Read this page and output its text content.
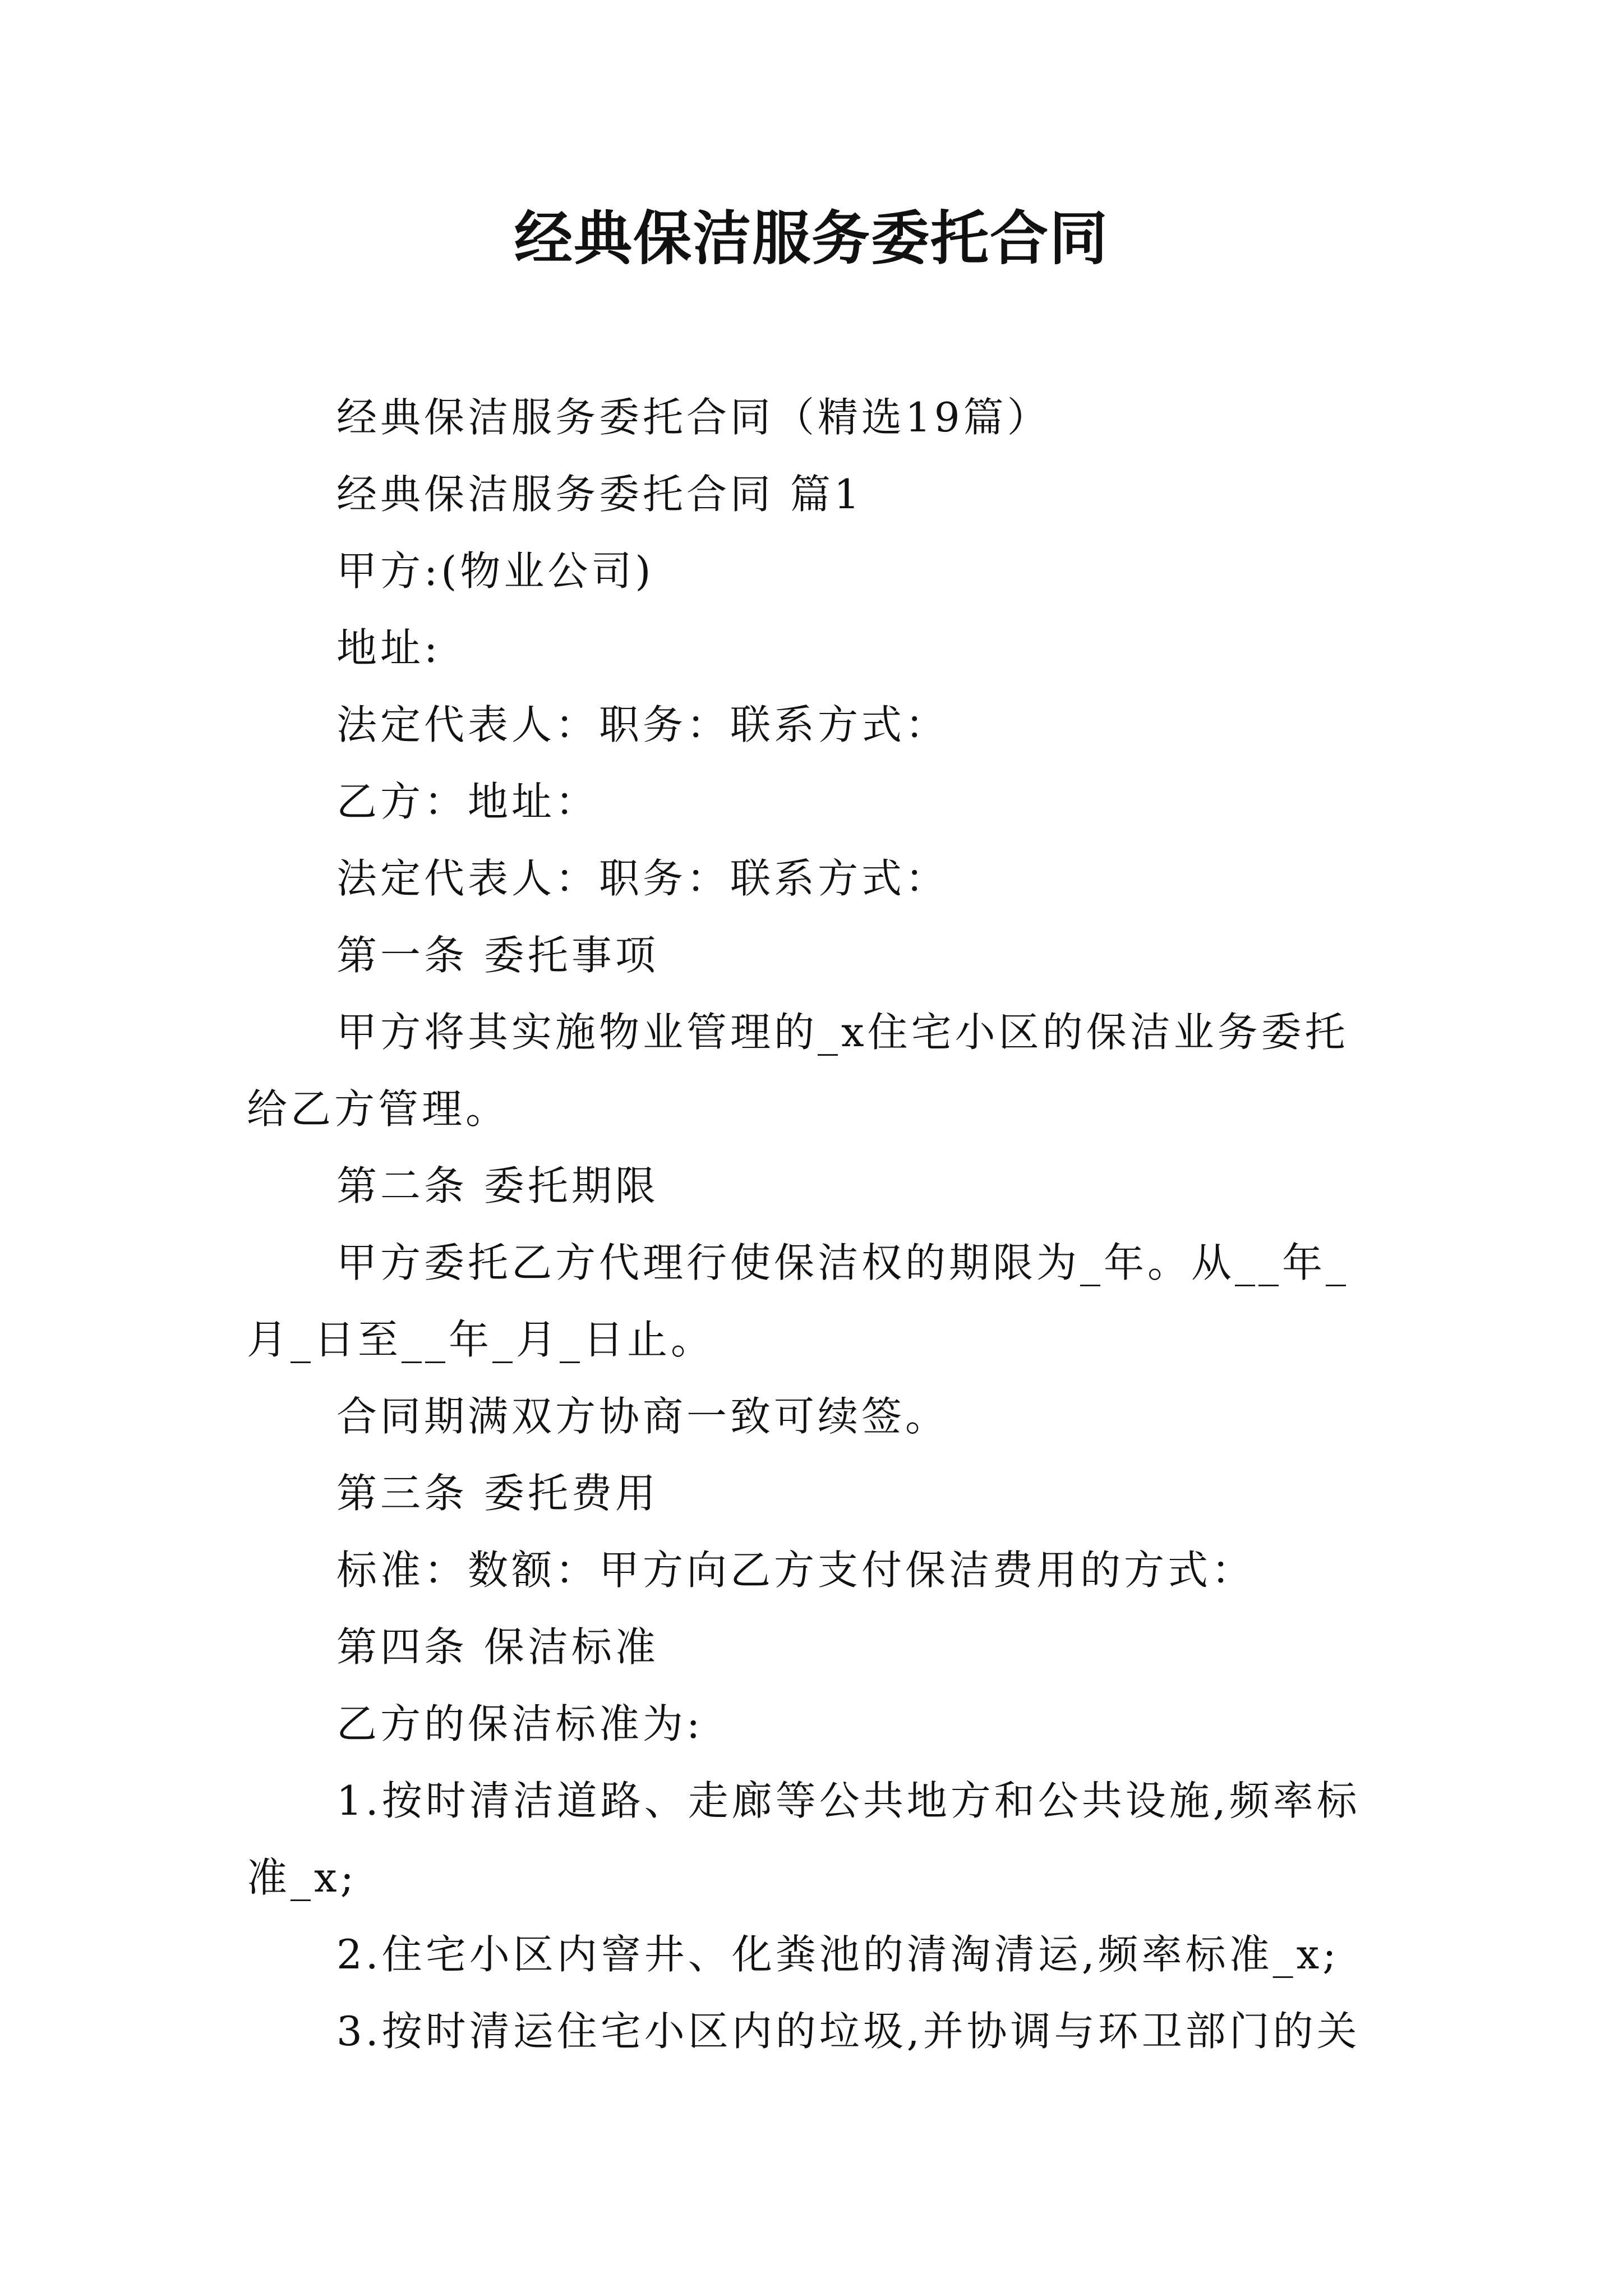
经典保洁服务委托合同

经典保洁服务委托合同（精选19篇）

经典保洁服务委托合同 篇1

甲方:(物业公司)

地址:

法定代表人：职务：联系方式：

乙方：地址：

法定代表人：职务：联系方式：

第一条 委托事项

甲方将其实施物业管理的_x住宅小区的保洁业务委托给乙方管理。

第二条 委托期限

甲方委托乙方代理行使保洁权的期限为_年。从__年_月_日至__年_月_日止。

合同期满双方协商一致可续签。

第三条 委托费用

标准：数额：甲方向乙方支付保洁费用的方式：

第四条 保洁标准

乙方的保洁标准为:

1.按时清洁道路、走廊等公共地方和公共设施,频率标准_x;

2.住宅小区内窨井、化粪池的清淘清运,频率标准_x;

3.按时清运住宅小区内的垃圾,并协调与环卫部门的关
